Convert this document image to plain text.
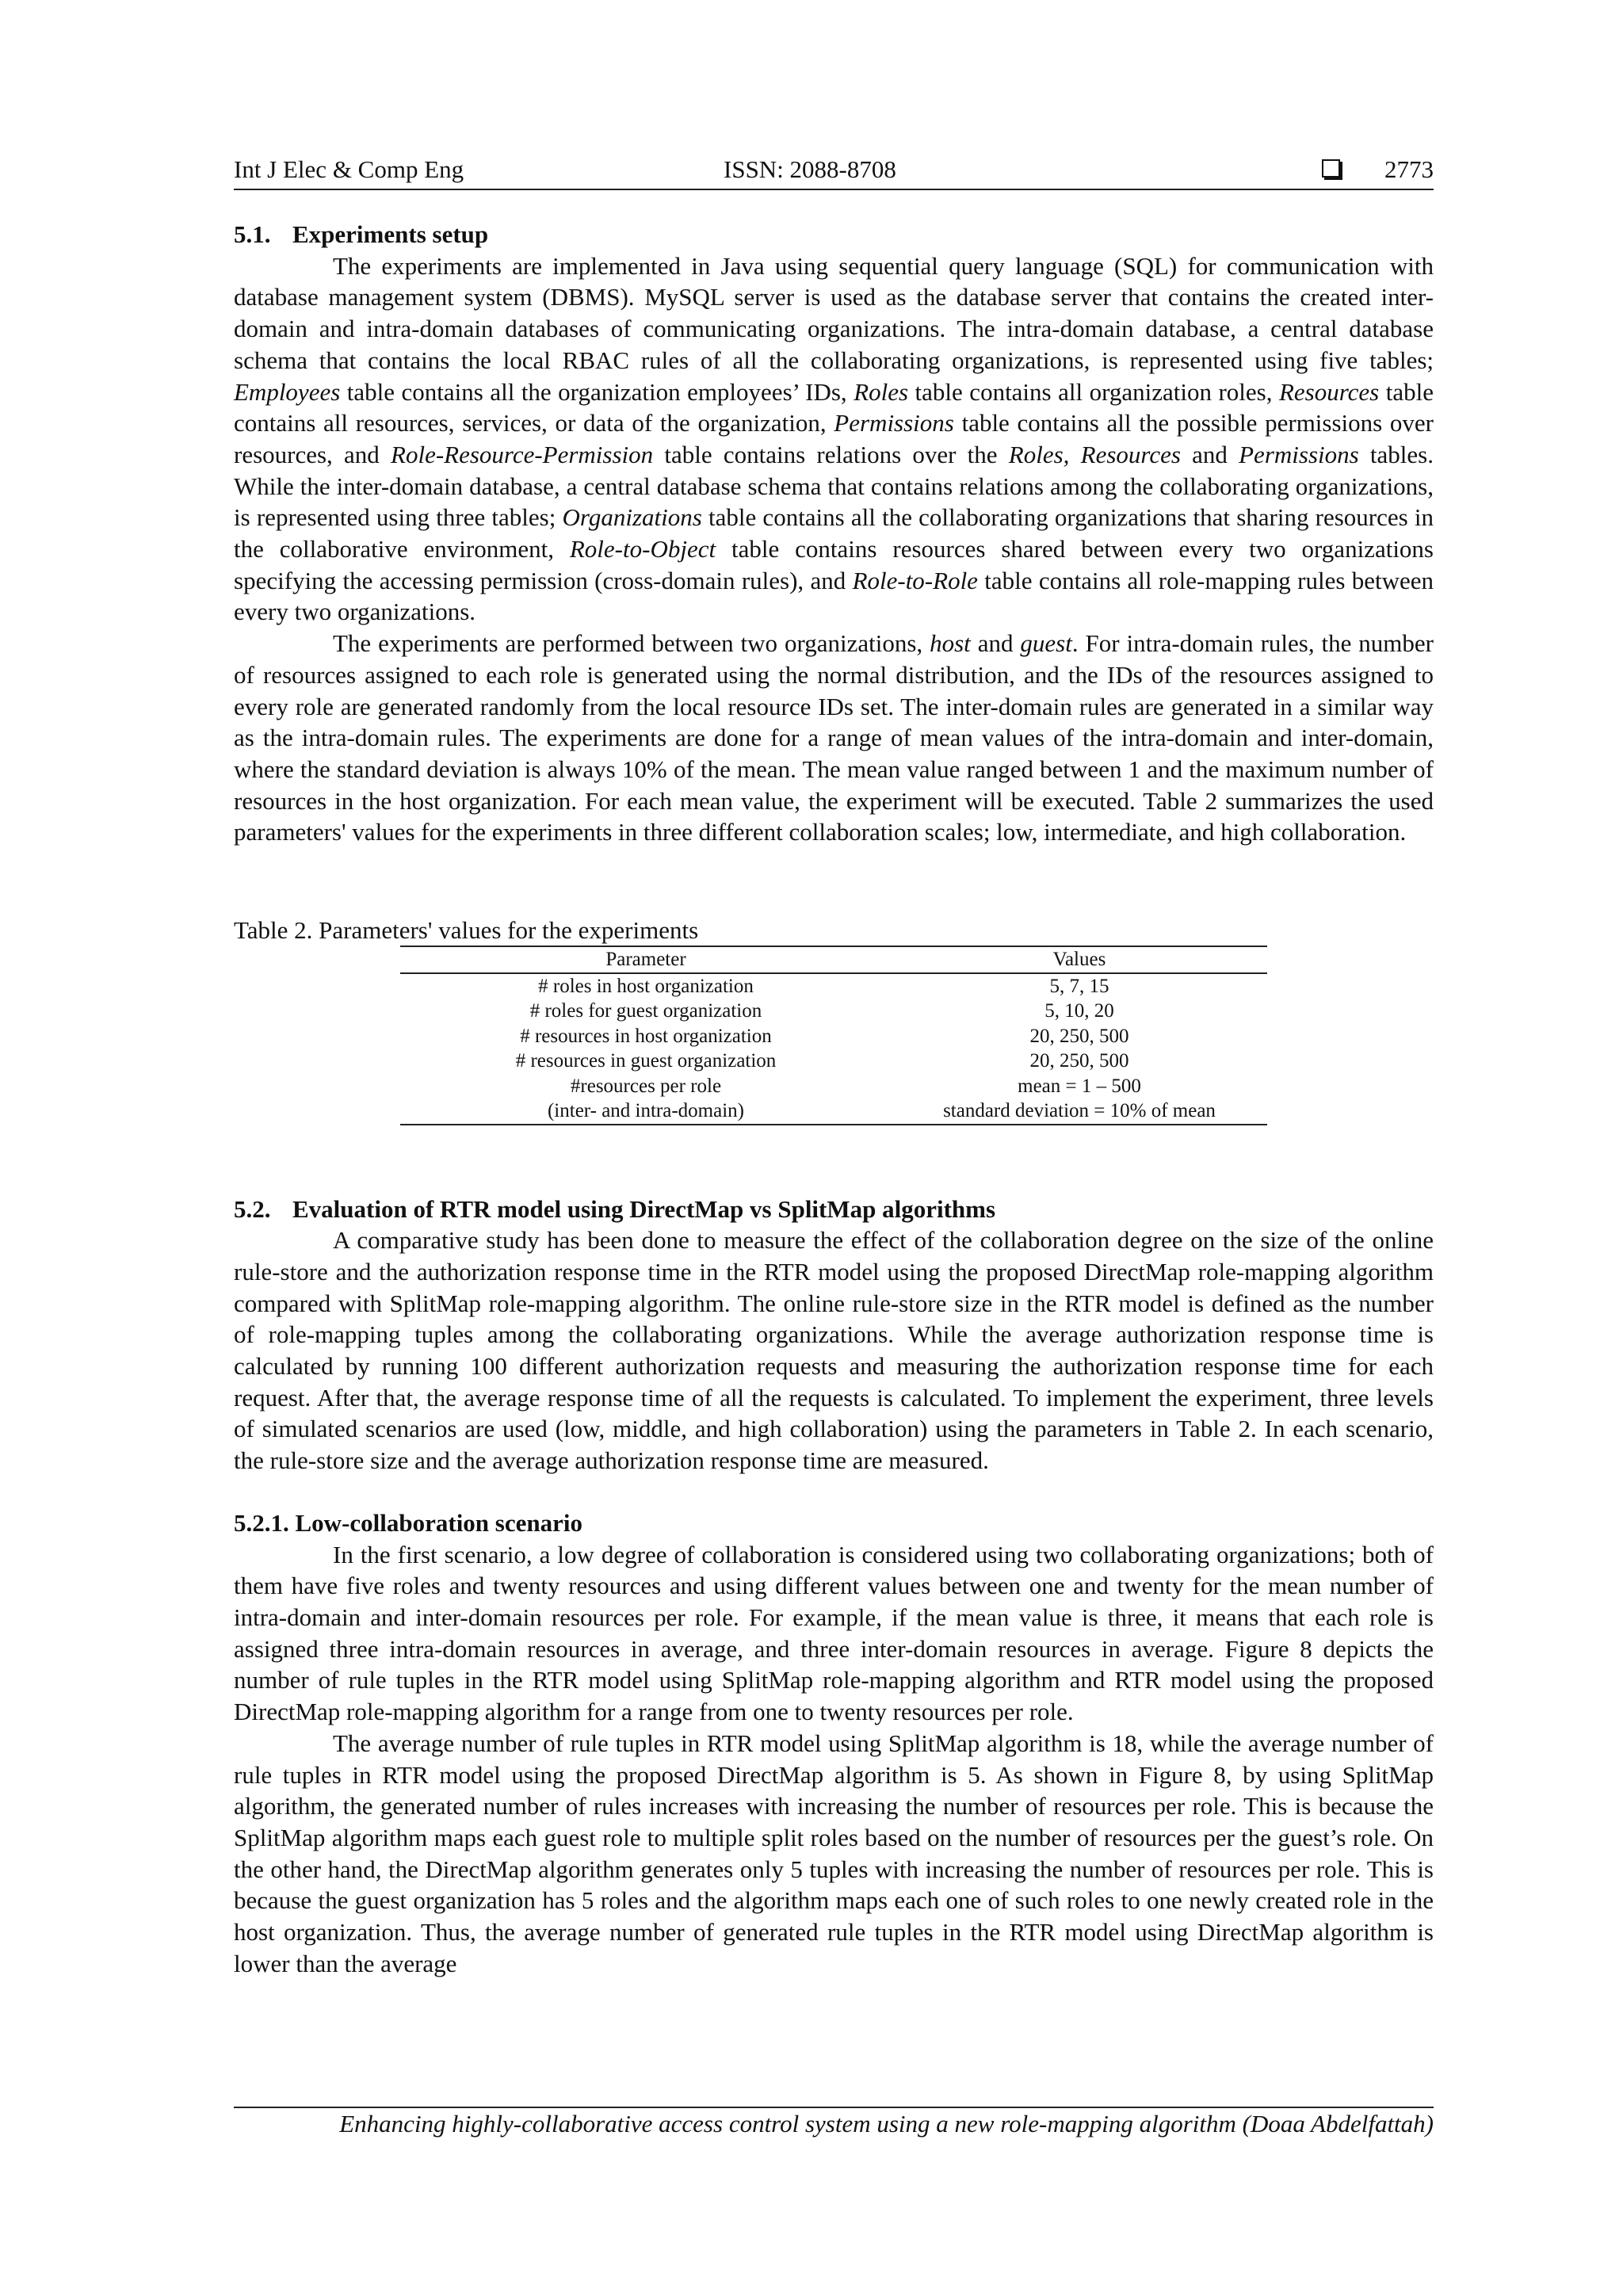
Int J Elec & Comp Eng	ISSN: 2088-8708	2773
5.1. Experiments setup

The experiments are implemented in Java using sequential query language (SQL) for communication with database management system (DBMS). MySQL server is used as the database server that contains the created inter-domain and intra-domain databases of communicating organizations. The intra-domain database, a central database schema that contains the local RBAC rules of all the collaborating organizations, is represented using five tables; Employees table contains all the organization employees’ IDs, Roles table contains all organization roles, Resources table contains all resources, services, or data of the organization, Permissions table contains all the possible permissions over resources, and Role-Resource-Permission table contains relations over the Roles, Resources and Permissions tables. While the inter-domain database, a central database schema that contains relations among the collaborating organizations, is represented using three tables; Organizations table contains all the collaborating organizations that sharing resources in the collaborative environment, Role-to-Object table contains resources shared between every two organizations specifying the accessing permission (cross-domain rules), and Role-to-Role table contains all role-mapping rules between every two organizations.

The experiments are performed between two organizations, host and guest. For intra-domain rules, the number of resources assigned to each role is generated using the normal distribution, and the IDs of the resources assigned to every role are generated randomly from the local resource IDs set. The inter-domain rules are generated in a similar way as the intra-domain rules. The experiments are done for a range of mean values of the intra-domain and inter-domain, where the standard deviation is always 10% of the mean. The mean value ranged between 1 and the maximum number of resources in the host organization. For each mean value, the experiment will be executed. Table 2 summarizes the used parameters' values for the experiments in three different collaboration scales; low, intermediate, and high collaboration.

Table 2. Parameters' values for the experiments

Parameter	Values
# roles in host organization	5, 7, 15
# roles for guest organization	5, 10, 20
# resources in host organization	20, 250, 500
# resources in guest organization	20, 250, 500
#resources per role	mean = 1 – 500
(inter- and intra-domain)	standard deviation = 10% of mean
5.2. Evaluation of RTR model using DirectMap vs SplitMap algorithms

A comparative study has been done to measure the effect of the collaboration degree on the size of the online rule-store and the authorization response time in the RTR model using the proposed DirectMap role-mapping algorithm compared with SplitMap role-mapping algorithm. The online rule-store size in the RTR model is defined as the number of role-mapping tuples among the collaborating organizations. While the average authorization response time is calculated by running 100 different authorization requests and measuring the authorization response time for each request. After that, the average response time of all the requests is calculated. To implement the experiment, three levels of simulated scenarios are used (low, middle, and high collaboration) using the parameters in Table 2. In each scenario, the rule-store size and the average authorization response time are measured.

5.2.1. Low-collaboration scenario

In the first scenario, a low degree of collaboration is considered using two collaborating organizations; both of them have five roles and twenty resources and using different values between one and twenty for the mean number of intra-domain and inter-domain resources per role. For example, if the mean value is three, it means that each role is assigned three intra-domain resources in average, and three inter-domain resources in average. Figure 8 depicts the number of rule tuples in the RTR model using SplitMap role-mapping algorithm and RTR model using the proposed DirectMap role-mapping algorithm for a range from one to twenty resources per role.

The average number of rule tuples in RTR model using SplitMap algorithm is 18, while the average number of rule tuples in RTR model using the proposed DirectMap algorithm is 5. As shown in Figure 8, by using SplitMap algorithm, the generated number of rules increases with increasing the number of resources per role. This is because the SplitMap algorithm maps each guest role to multiple split roles based on the number of resources per the guest’s role. On the other hand, the DirectMap algorithm generates only 5 tuples with increasing the number of resources per role. This is because the guest organization has 5 roles and the algorithm maps each one of such roles to one newly created role in the host organization. Thus, the average number of generated rule tuples in the RTR model using DirectMap algorithm is lower than the average

Enhancing highly-collaborative access control system using a new role-mapping algorithm (Doaa Abdelfattah)
